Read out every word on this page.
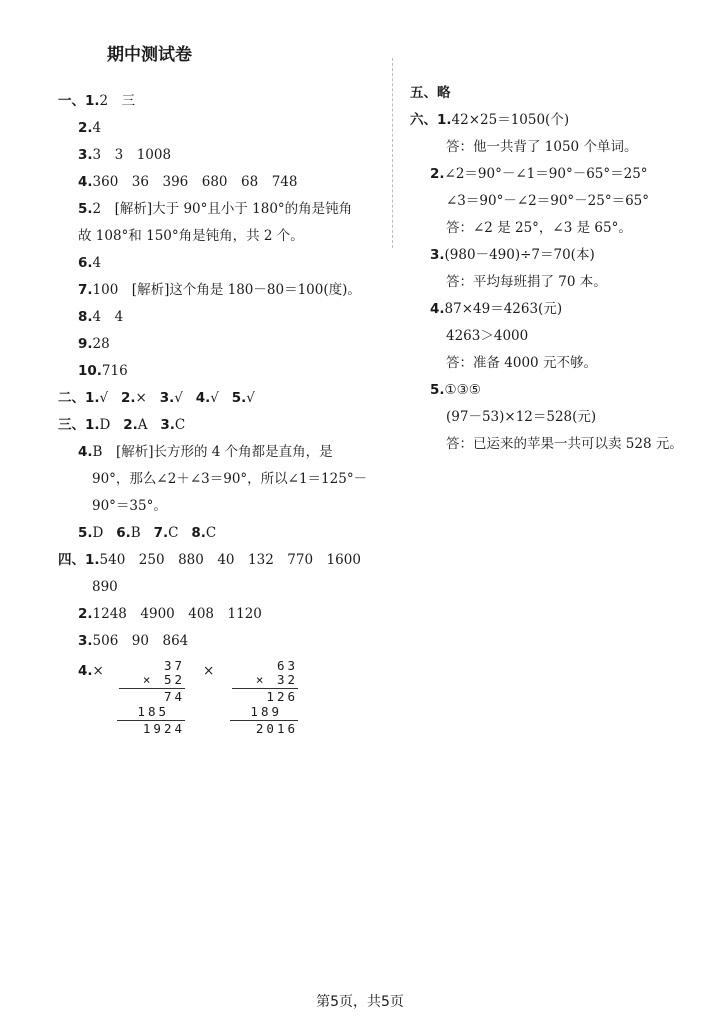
期中测试卷
一、1.2　三
2.4
3.3　3　1008
4.360　36　396　680　68　748
5.2　[解析]大于 90°且小于 180°的角是钝角
故 108°和 150°角是钝角，共 2 个。
6.4
7.100　[解析]这个角是 180－80＝100(度)。
8.4　4
9.28
10.716
二、1.√ 2.× 3.√ 4.√ 5.√
三、1.D 2.A 3.C
4.B　[解析]长方形的 4 个角都是直角，是
90°，那么∠2＋∠3＝90°，所以∠1＝125°－
90°＝35°。
5.D 6.B 7.C 8.C
四、1.540　250　880　40　132　770　1600
890
2.1248　4900　408　1120
3.506　90　864
4.×	37
× 52
74
185
1924
×	63
× 32
126
189
2016
五、略
六、1.42×25＝1050(个)
答：他一共背了 1050 个单词。
2.∠2＝90°－∠1＝90°－65°＝25°
∠3＝90°－∠2＝90°－25°＝65°
答：∠2 是 25°，∠3 是 65°。
3.(980－490)÷7＝70(本)
答：平均每班捐了 70 本。
4.87×49＝4263(元)
4263＞4000
答：准备 4000 元不够。
5.①③⑤
(97－53)×12＝528(元)
答：已运来的苹果一共可以卖 528 元。
第5页，共5页
